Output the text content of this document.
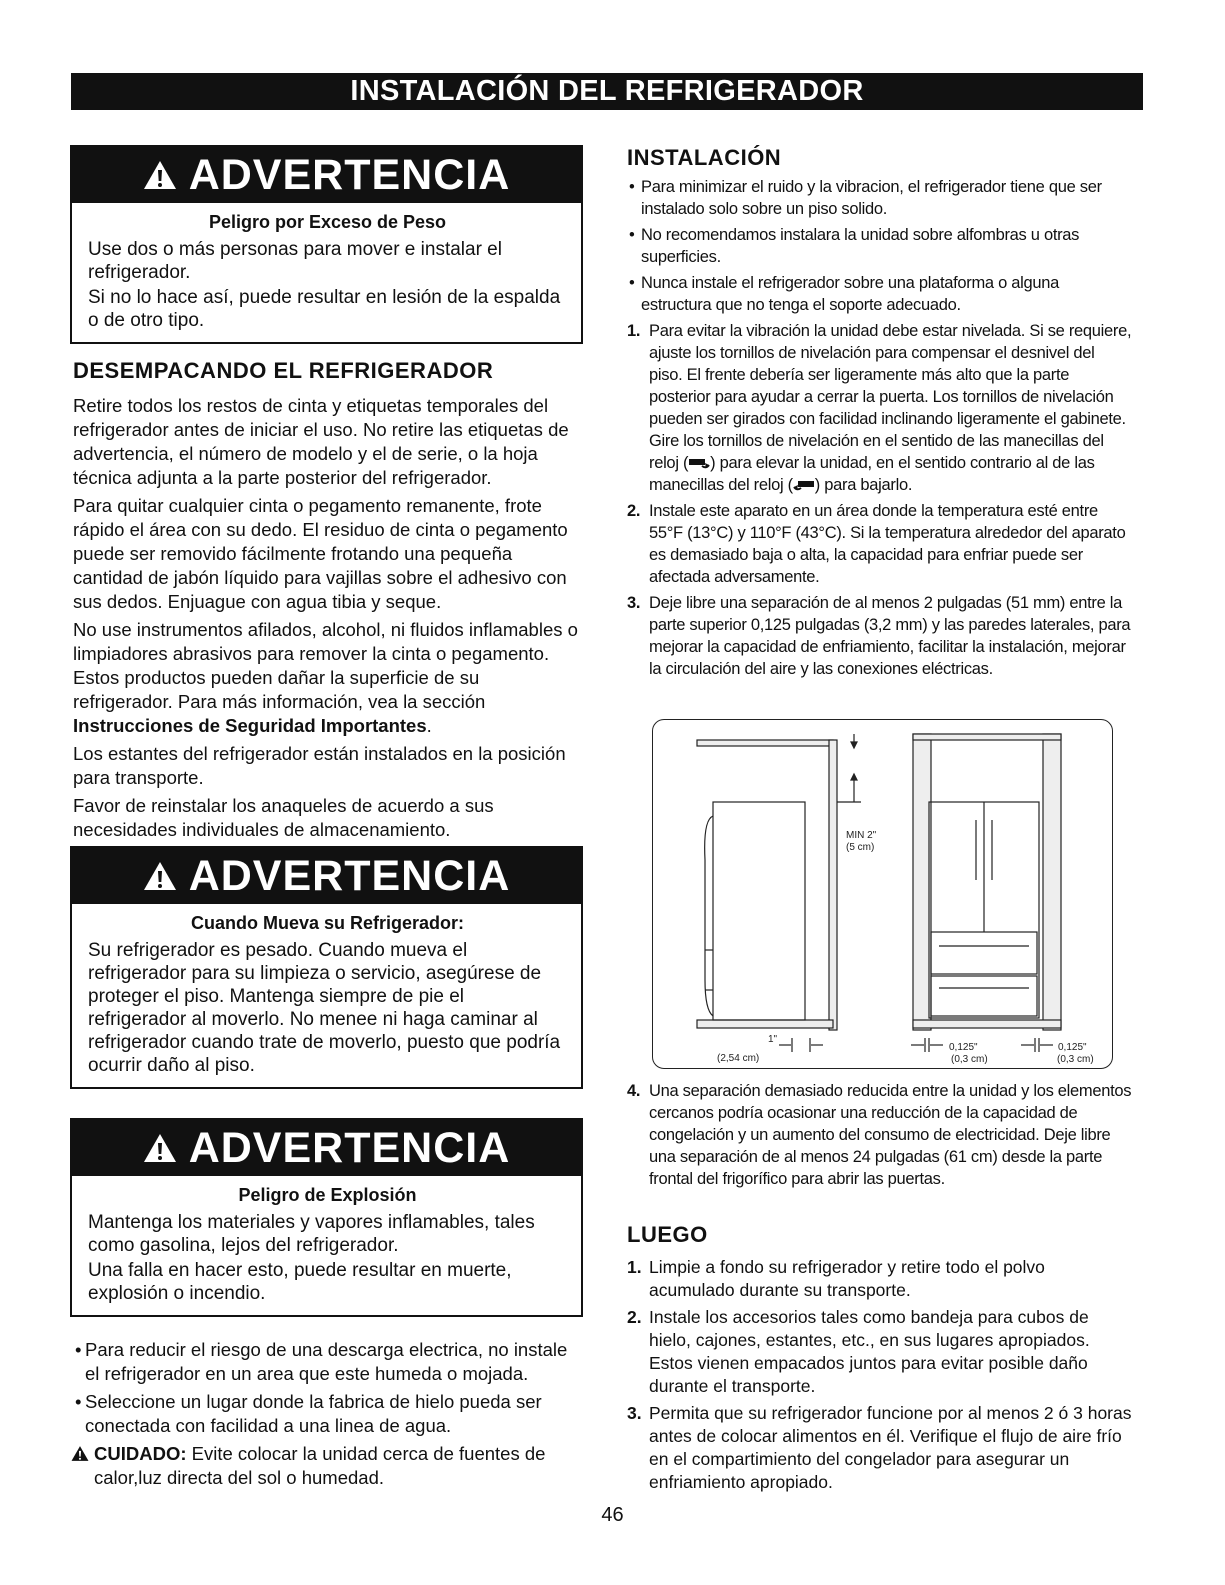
INSTALACIÓN DEL REFRIGERADOR
ADVERTENCIA
Peligro por Exceso de Peso

Use dos o más personas para mover e instalar el refrigerador.

Si no lo hace así, puede resultar en lesión de la espalda o de otro tipo.

DESEMPACANDO EL REFRIGERADOR

Retire todos los restos de cinta y etiquetas temporales del refrigerador antes de iniciar el uso. No retire las etiquetas de advertencia, el número de modelo y el de serie, o la hoja técnica adjunta a la parte posterior del refrigerador.

Para quitar cualquier cinta o pegamento remanente, frote rápido el área con su dedo. El residuo de cinta o pegamento puede ser removido fácilmente frotando una pequeña cantidad de jabón líquido para vajillas sobre el adhesivo con sus dedos. Enjuague con agua tibia y seque.

No use instrumentos afilados, alcohol, ni fluidos inflamables o limpiadores abrasivos para remover la cinta o pegamento. Estos productos pueden dañar la superficie de su refrigerador. Para más información, vea la sección
Instrucciones de Seguridad Importantes.

Los estantes del refrigerador están instalados en la posición para transporte.

Favor de reinstalar los anaqueles de acuerdo a sus necesidades individuales de almacenamiento.

ADVERTENCIA
Cuando Mueva su Refrigerador:

Su refrigerador es pesado. Cuando mueva el refrigerador para su limpieza o servicio, asegúrese de proteger el piso. Mantenga siempre de pie el refrigerador al moverlo. No menee ni haga caminar al refrigerador cuando trate de moverlo, puesto que podría ocurrir daño al piso.

ADVERTENCIA
Peligro de Explosión

Mantenga los materiales y vapores inflamables, tales como gasolina, lejos del refrigerador.

Una falla en hacer esto, puede resultar en muerte, explosión o incendio.

• Para reducir el riesgo de una descarga electrica, no instale el refrigerador en un area que este humeda o mojada.
• Seleccione un lugar donde la fabrica de hielo pueda ser conectada con facilidad a una linea de agua.
CUIDADO: Evite colocar la unidad cerca de fuentes de calor,luz directa del sol o humedad.
INSTALACIÓN
• Para minimizar el ruido y la vibracion, el refrigerador tiene que ser instalado solo sobre un piso solido.
• No recomendamos instalara la unidad sobre alfombras u otras superficies.
• Nunca instale el refrigerador sobre una plataforma o alguna estructura que no tenga el soporte adecuado.
1. Para evitar la vibración la unidad debe estar nivelada. Si se requiere, ajuste los tornillos de nivelación para compensar el desnivel del piso. El frente debería ser ligeramente más alto que la parte posterior para ayudar a cerrar la puerta. Los tornillos de nivelación pueden ser girados con facilidad inclinando ligeramente el gabinete. Gire los tornillos de nivelación en el sentido de las manecillas del reloj ( ) para elevar la unidad, en el sentido contrario al de las manecillas del reloj ( ) para bajarlo.
2. Instale este aparato en un área donde la temperatura esté entre 55°F (13°C) y 110°F (43°C). Si la temperatura alrededor del aparato es demasiado baja o alta, la capacidad para enfriar puede ser afectada adversamente.
3. Deje libre una separación de al menos 2 pulgadas (51 mm) entre la parte superior 0,125 pulgadas (3,2 mm) y las paredes laterales, para mejorar la capacidad de enfriamiento, facilitar la instalación, mejorar la circulación del aire y las conexiones eléctricas.
MIN 2"
(5 cm)
1"
(2,54 cm)
0,125"
(0,3 cm)
0,125"
(0,3 cm)
4. Una separación demasiado reducida entre la unidad y los elementos cercanos podría ocasionar una reducción de la capacidad de congelación y un aumento del consumo de electricidad. Deje libre una separación de al menos 24 pulgadas (61 cm) desde la parte frontal del frigorífico para abrir las puertas.
LUEGO
1. Limpie a fondo su refrigerador y retire todo el polvo acumulado durante su transporte.
2. Instale los accesorios tales como bandeja para cubos de hielo, cajones, estantes, etc., en sus lugares apropiados. Estos vienen empacados juntos para evitar posible daño durante el transporte.
3. Permita que su refrigerador funcione por al menos 2 ó 3 horas antes de colocar alimentos en él. Verifique el flujo de aire frío en el compartimiento del congelador para asegurar un enfriamiento apropiado.
46
